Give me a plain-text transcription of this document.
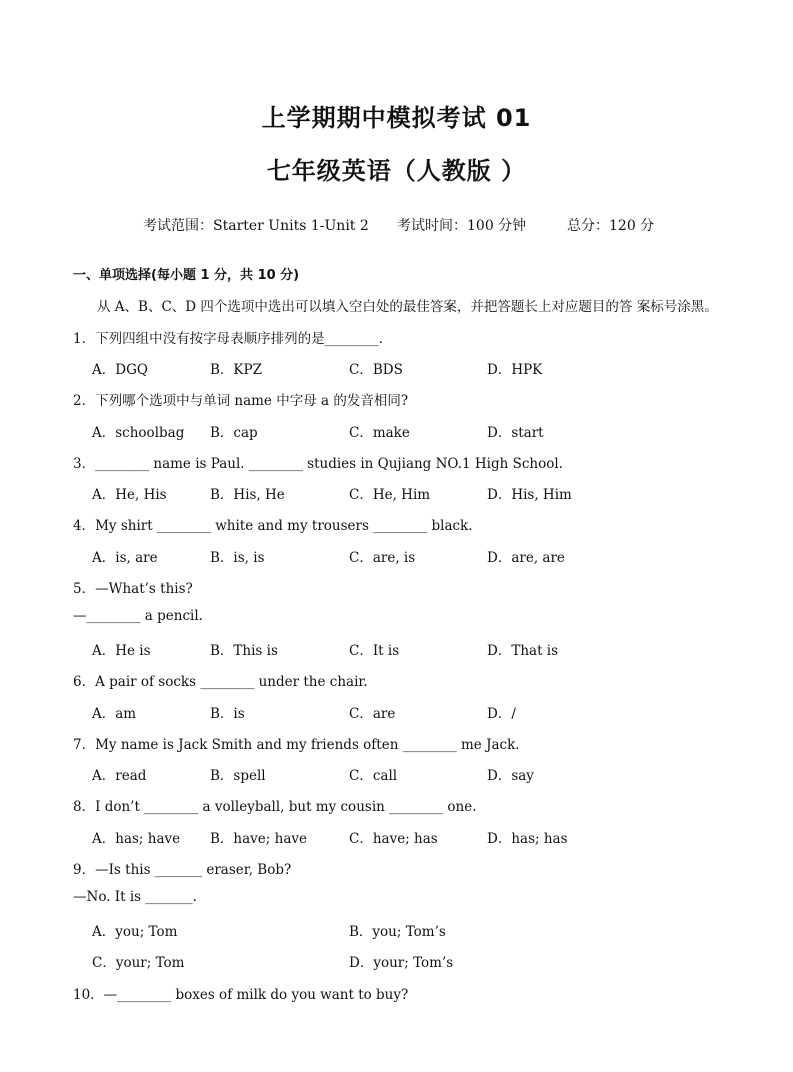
上学期期中模拟考试 01
七年级英语（人教版 ）
考试范围：Starter Units 1-Unit 2 考试时间：100 分钟	总分：120 分
一、单项选择(每小题 1 分，共 10 分)
从 A、B、C、D 四个选项中选出可以填入空白处的最佳答案，并把答题长上对应题目的答 案标号涂黑。
1．下列四组中没有按字母表顺序排列的是________.
A．DGQ	B．KPZ	C．BDS	D．HPK
2．下列哪个选项中与单词 name 中字母 a 的发音相同?
A．schoolbag B．cap	C．make	D．start
3．________ name is Paul. ________ studies in Qujiang NO.1 High School.
A．He, His	B．His, He	C．He, Him	D．His, Him
4．My shirt ________ white and my trousers ________ black.
A．is, are	B．is, is	C．are, is	D．are, are
5．—What’s this?
—________ a pencil.
A．He is	B．This is	C．It is	D．That is
6．A pair of socks ________ under the chair.
A．am	B．is	C．are	D．/
7．My name is Jack Smith and my friends often ________ me Jack.
A．read	B．spell	C．call	D．say
8．I don’t ________ a volleyball, but my cousin ________ one.
A．has; have B．have; have	C．have; has	D．has; has
9．—Is this _______ eraser, Bob?
—No. It is _______.
A．you; Tom	B．you; Tom’s
C．your; Tom	D．your; Tom’s
10．—________ boxes of milk do you want to buy?
